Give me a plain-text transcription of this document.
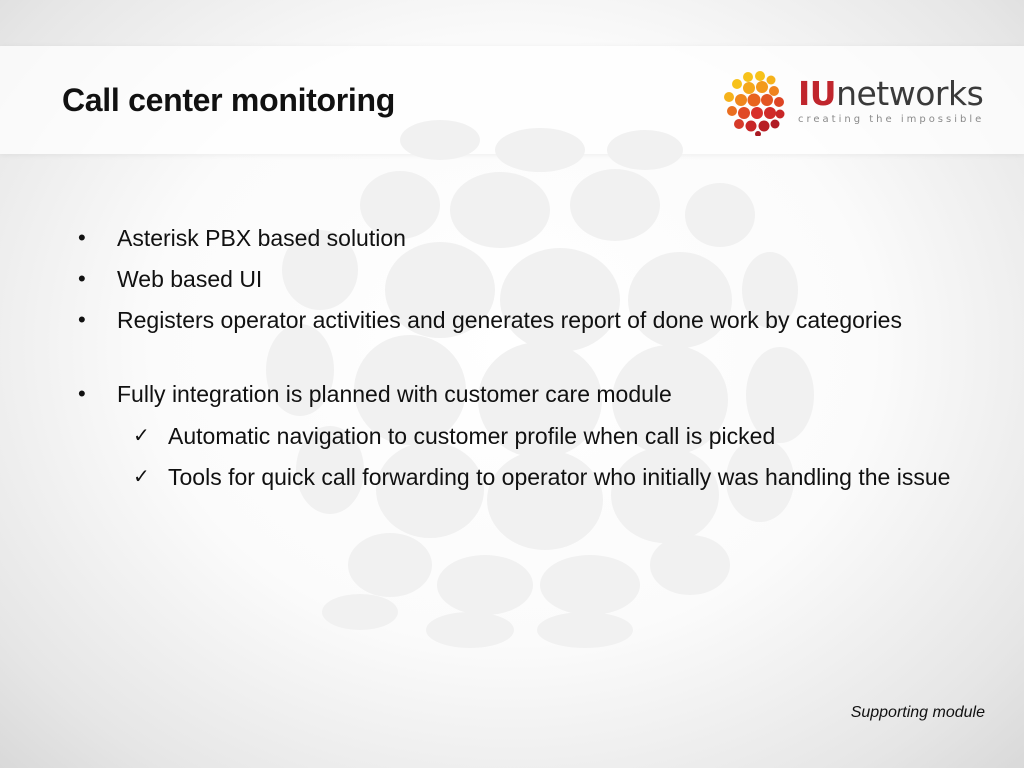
Call center monitoring	IUnetworks
creating the impossible
• Asterisk PBX based solution
• Web based UI
• Registers operator activities and generates report of done work by categories
• Fully integration is planned with customer care module
✓ Automatic navigation to customer profile when call is picked
✓ Tools for quick call forwarding to operator who initially was handling the issue
Supporting module
